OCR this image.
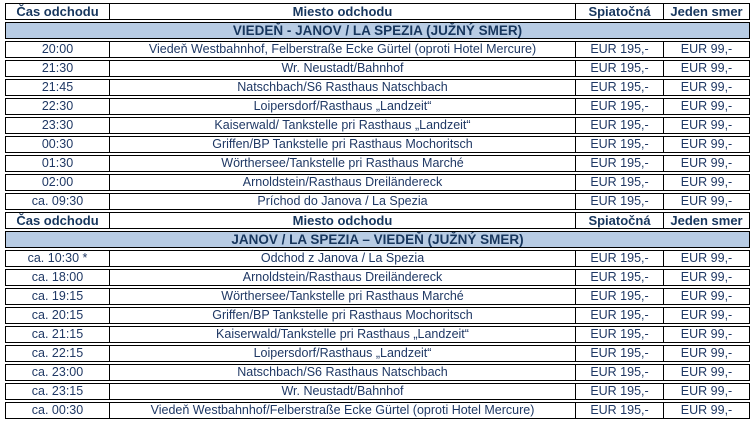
Čas odchodu	Miesto odchodu	Spiatočná	Jeden smer
VIEDEŇ - JANOV / LA SPEZIA (JUŽNÝ SMER)			
20:00	Viedeň Westbahnhof, Felberstraße Ecke Gürtel (oproti Hotel Mercure)	EUR 195,-	EUR 99,-
21:30	Wr. Neustadt/Bahnhof	EUR 195,-	EUR 99,-
21:45	Natschbach/S6 Rasthaus Natschbach	EUR 195,-	EUR 99,-
22:30	Loipersdorf/Rasthaus „Landzeit“	EUR 195,-	EUR 99,-
23:30	Kaiserwald/ Tankstelle pri Rasthaus „Landzeit“	EUR 195,-	EUR 99,-
00:30	Griffen/BP Tankstelle pri Rasthaus Mochoritsch	EUR 195,-	EUR 99,-
01:30	Wörthersee/Tankstelle pri Rasthaus Marché	EUR 195,-	EUR 99,-
02:00	Arnoldstein/Rasthaus Dreiländereck	EUR 195,-	EUR 99,-
ca. 09:30	Príchod do Janova / La Spezia	EUR 195,-	EUR 99,-
Čas odchodu	Miesto odchodu	Spiatočná	Jeden smer
JANOV / LA SPEZIA – VIEDEŇ (JUŽNÝ SMER)			
ca. 10:30 *	Odchod z Janova / La Spezia	EUR 195,-	EUR 99,-
ca. 18:00	Arnoldstein/Rasthaus Dreiländereck	EUR 195,-	EUR 99,-
ca. 19:15	Wörthersee/Tankstelle pri Rasthaus Marché	EUR 195,-	EUR 99,-
ca. 20:15	Griffen/BP Tankstelle pri Rasthaus Mochoritsch	EUR 195,-	EUR 99,-
ca. 21:15	Kaiserwald/Tankstelle pri Rasthaus „Landzeit“	EUR 195,-	EUR 99,-
ca. 22:15	Loipersdorf/Rasthaus „Landzeit“	EUR 195,-	EUR 99,-
ca. 23:00	Natschbach/S6 Rasthaus Natschbach	EUR 195,-	EUR 99,-
ca. 23:15	Wr. Neustadt/Bahnhof	EUR 195,-	EUR 99,-
ca. 00:30	Viedeň Westbahnhof/Felberstraße Ecke Gürtel (oproti Hotel Mercure)	EUR 195,-	EUR 99,-
